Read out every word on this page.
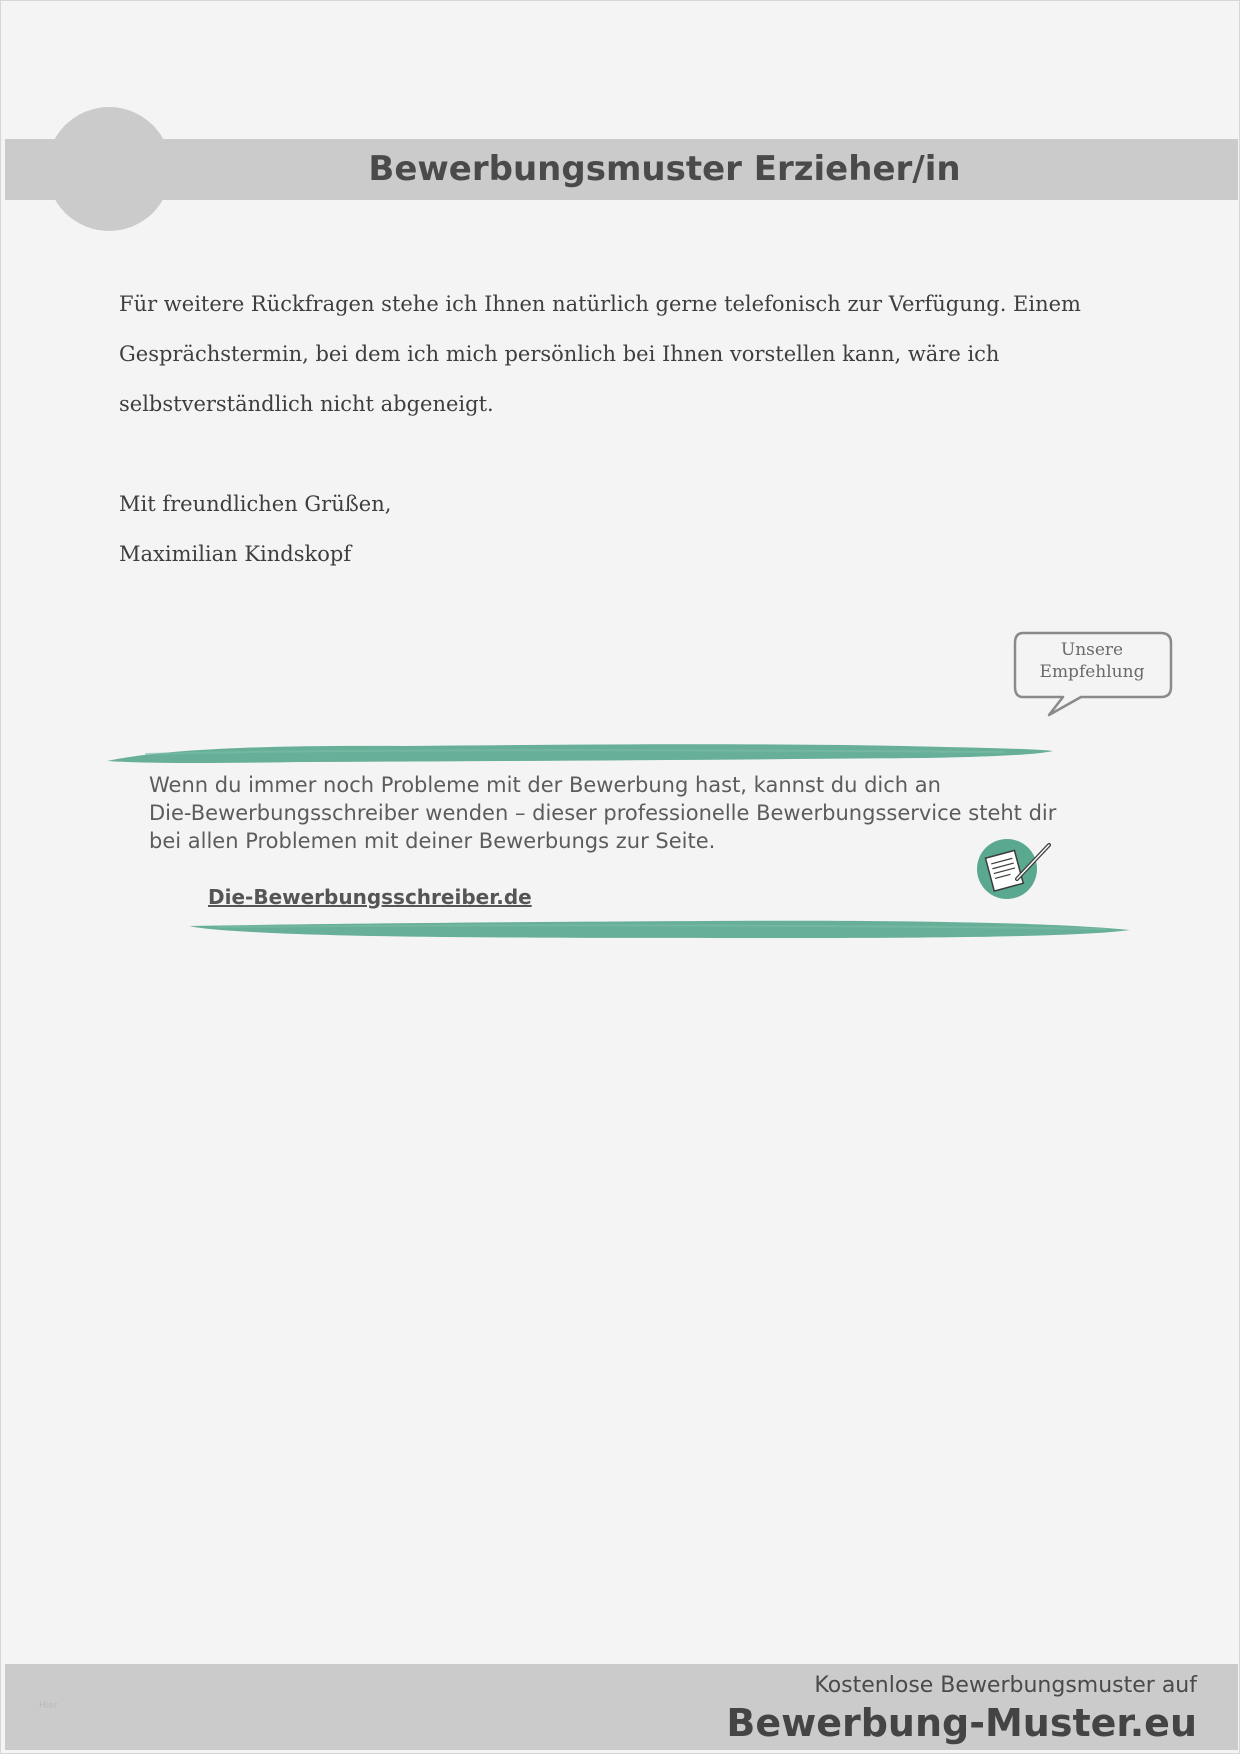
Bewerbungsmuster Erzieher/in
Für weitere Rückfragen stehe ich Ihnen natürlich gerne telefonisch zur Verfügung. Einem
Gesprächstermin, bei dem ich mich persönlich bei Ihnen vorstellen kann, wäre ich
selbstverständlich nicht abgeneigt.
Mit freundlichen Grüßen,
Maximilian Kindskopf
Unsere
Empfehlung
Wenn du immer noch Probleme mit der Bewerbung hast, kannst du dich an
Die-Bewerbungsschreiber wenden – dieser professionelle Bewerbungsservice steht dir
bei allen Problemen mit deiner Bewerbungs zur Seite.
Die-Bewerbungsschreiber.de
Hier
Kostenlose Bewerbungsmuster auf
Bewerbung-Muster.eu
